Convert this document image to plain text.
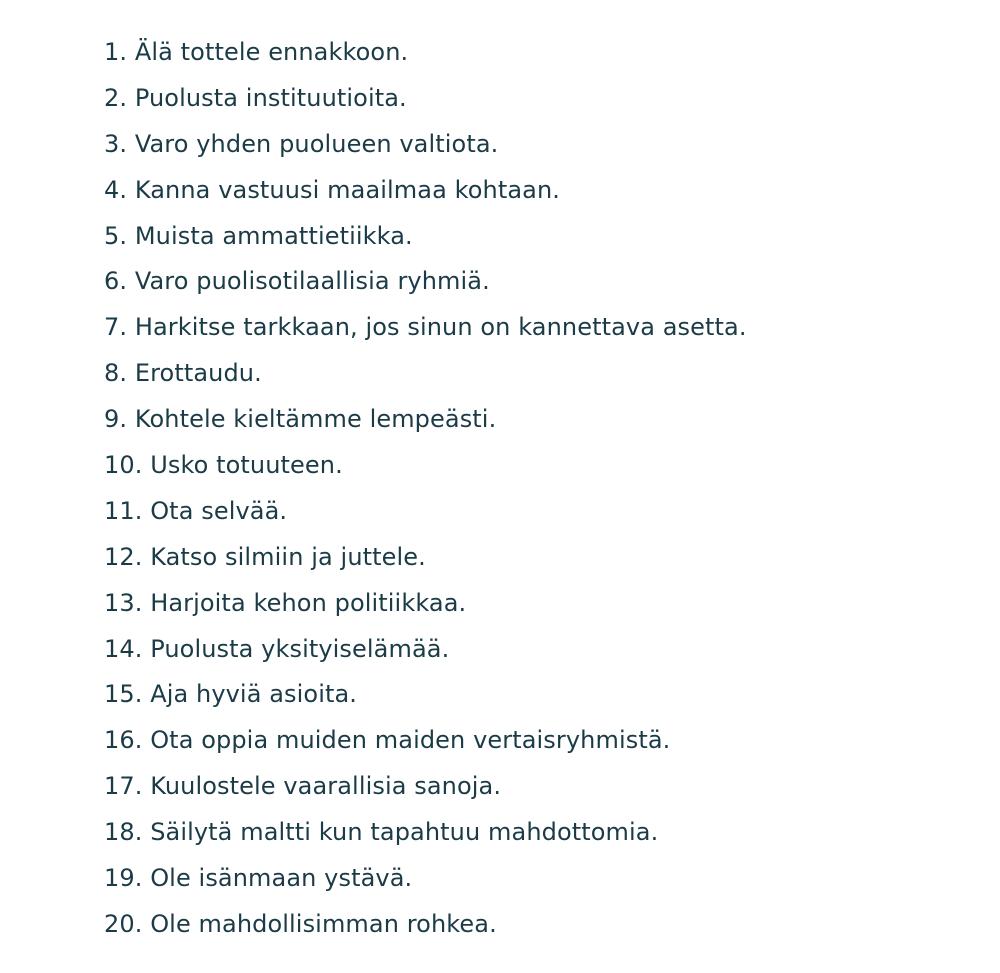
1. Älä tottele ennakkoon.
2. Puolusta instituutioita.
3. Varo yhden puolueen valtiota.
4. Kanna vastuusi maailmaa kohtaan.
5. Muista ammattietiikka.
6. Varo puolisotilaallisia ryhmiä.
7. Harkitse tarkkaan, jos sinun on kannettava asetta.
8. Erottaudu.
9. Kohtele kieltämme lempeästi.
10. Usko totuuteen.
11. Ota selvää.
12. Katso silmiin ja juttele.
13. Harjoita kehon politiikkaa.
14. Puolusta yksityiselämää.
15. Aja hyviä asioita.
16. Ota oppia muiden maiden vertaisryhmistä.
17. Kuulostele vaarallisia sanoja.
18. Säilytä maltti kun tapahtuu mahdottomia.
19. Ole isänmaan ystävä.
20. Ole mahdollisimman rohkea.
